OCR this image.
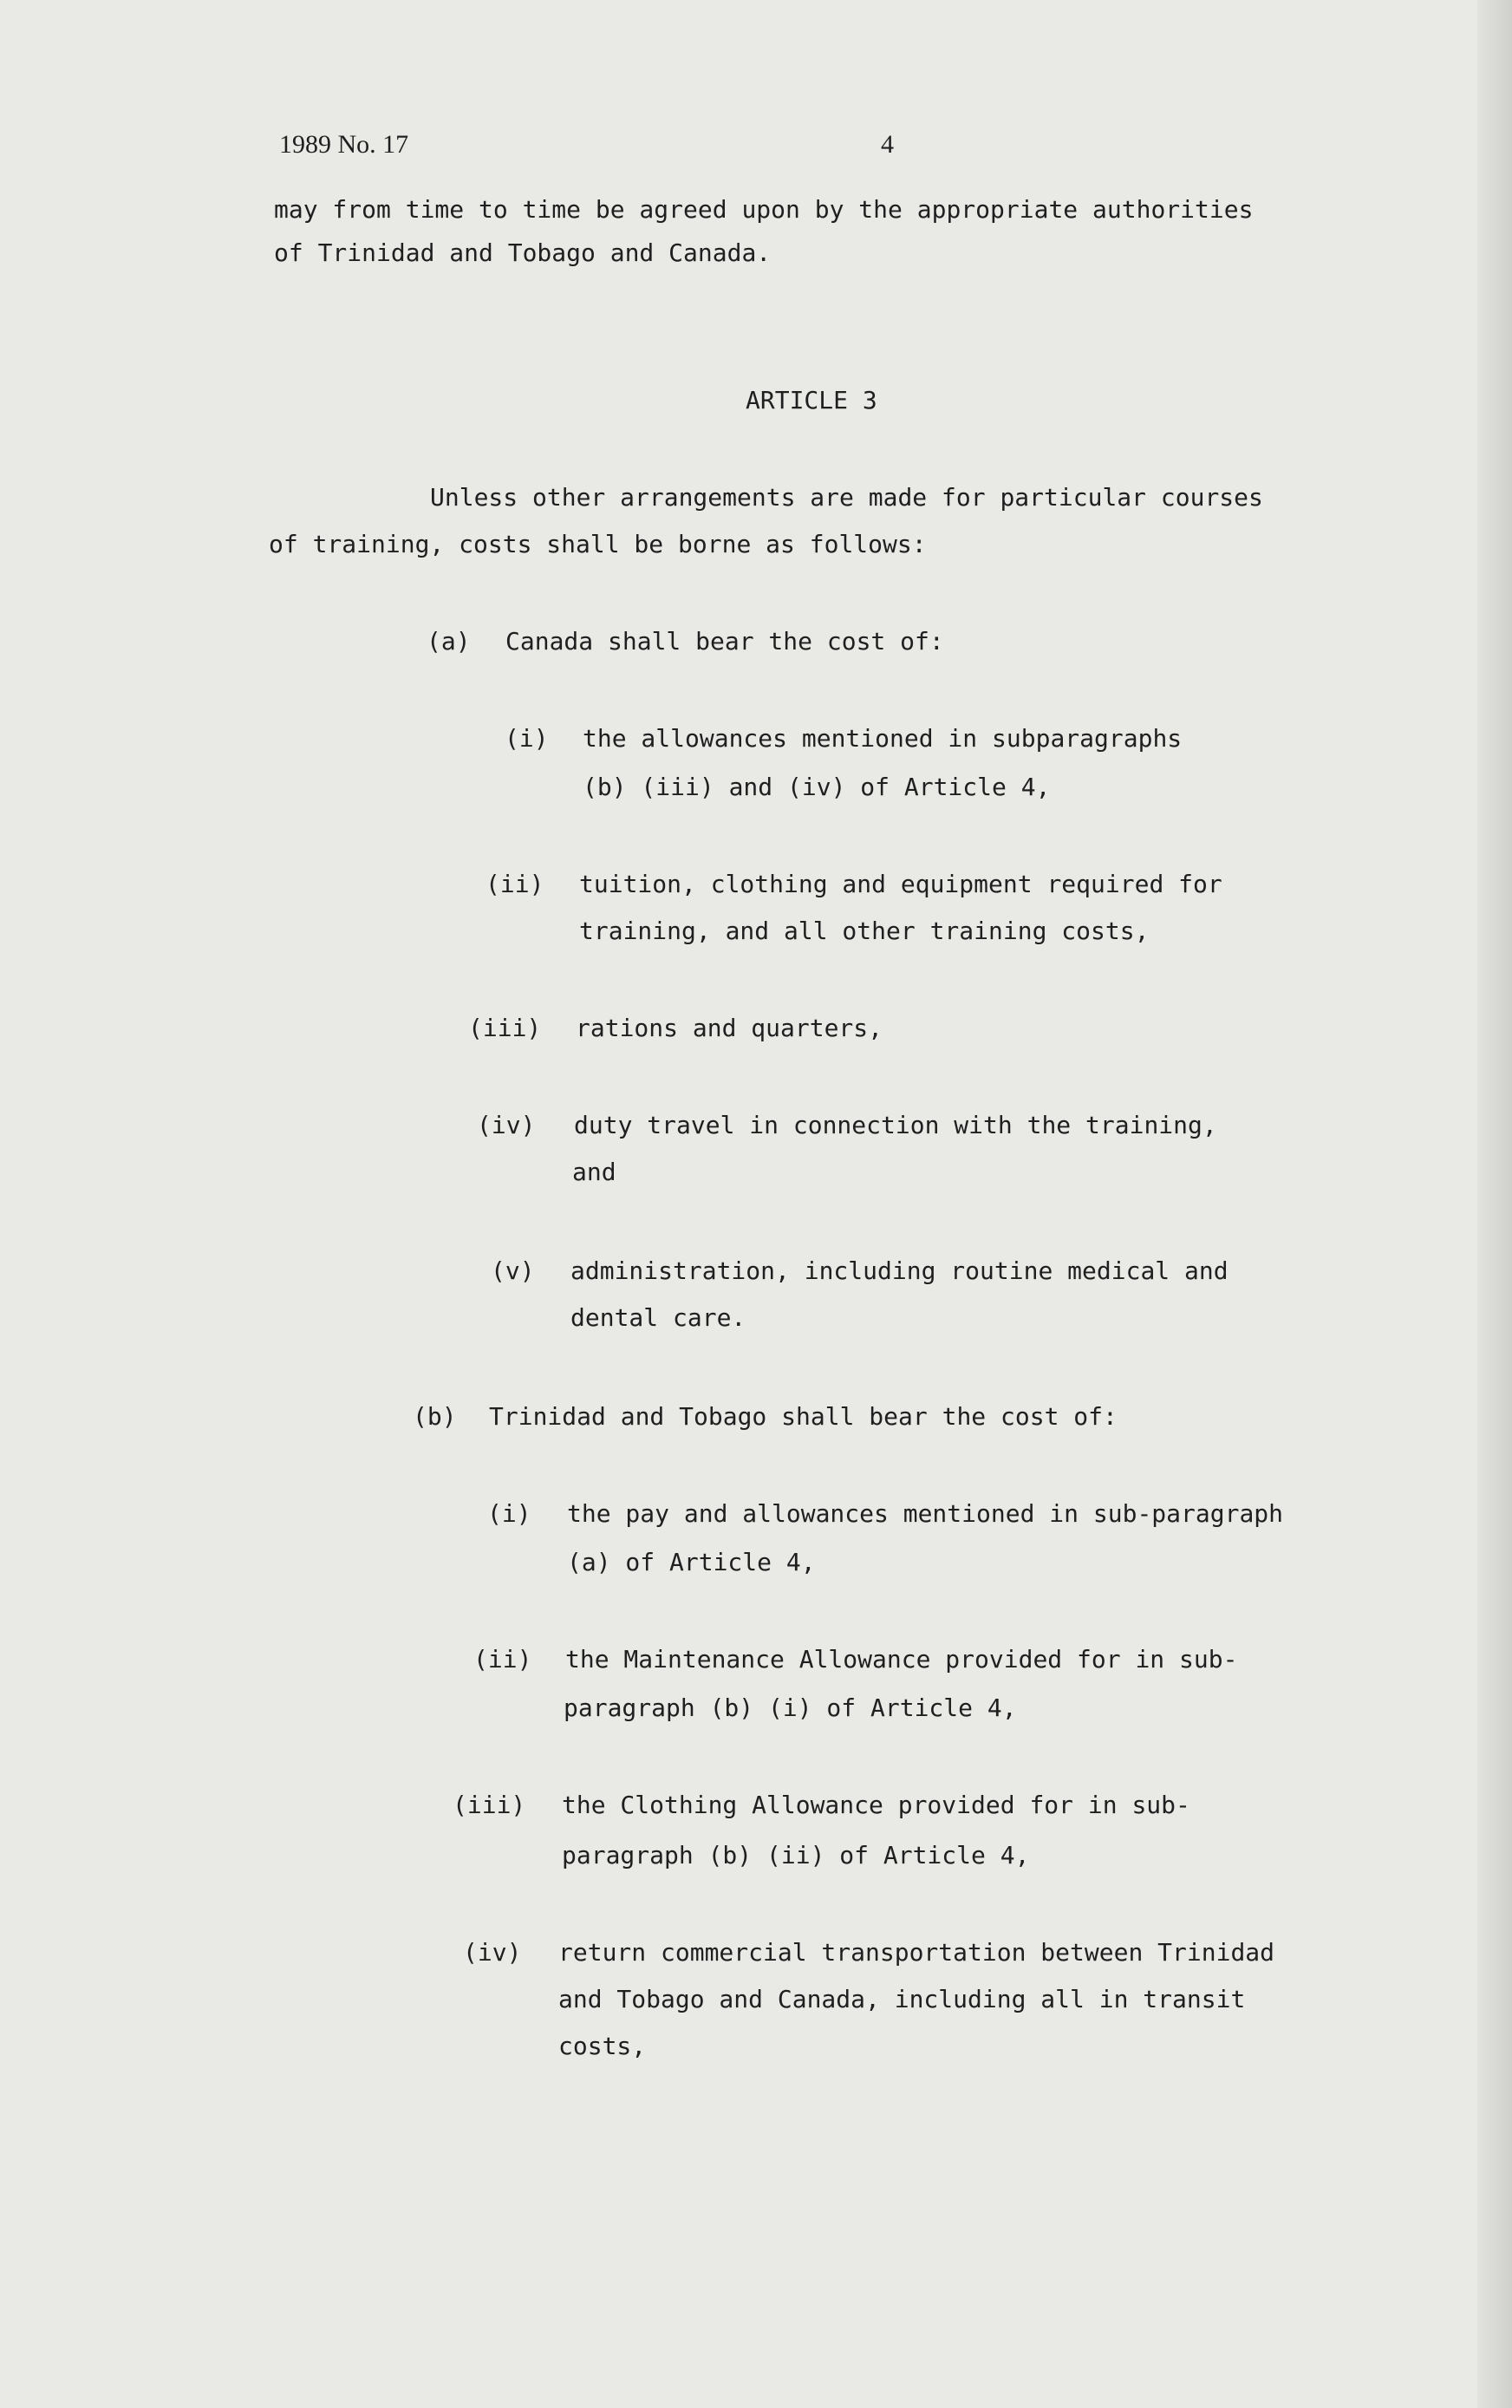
1989 No. 17	4
may from time to time be agreed upon by the appropriate authorities
of Trinidad and Tobago and Canada.
ARTICLE 3
Unless other arrangements are made for particular courses
of training, costs shall be borne as follows:
(a) Canada shall bear the cost of:
(i) the allowances mentioned in subparagraphs
(b) (iii) and (iv) of Article 4,
(ii) tuition, clothing and equipment required for
training, and all other training costs,
(iii) rations and quarters,
(iv) duty travel in connection with the training,
and
(v) administration, including routine medical and
dental care.
(b) Trinidad and Tobago shall bear the cost of:
(i) the pay and allowances mentioned in sub-paragraph
(a) of Article 4,
(ii) the Maintenance Allowance provided for in sub-
paragraph (b) (i) of Article 4,
(iii) the Clothing Allowance provided for in sub-
paragraph (b) (ii) of Article 4,
(iv) return commercial transportation between Trinidad
and Tobago and Canada, including all in transit
costs,
